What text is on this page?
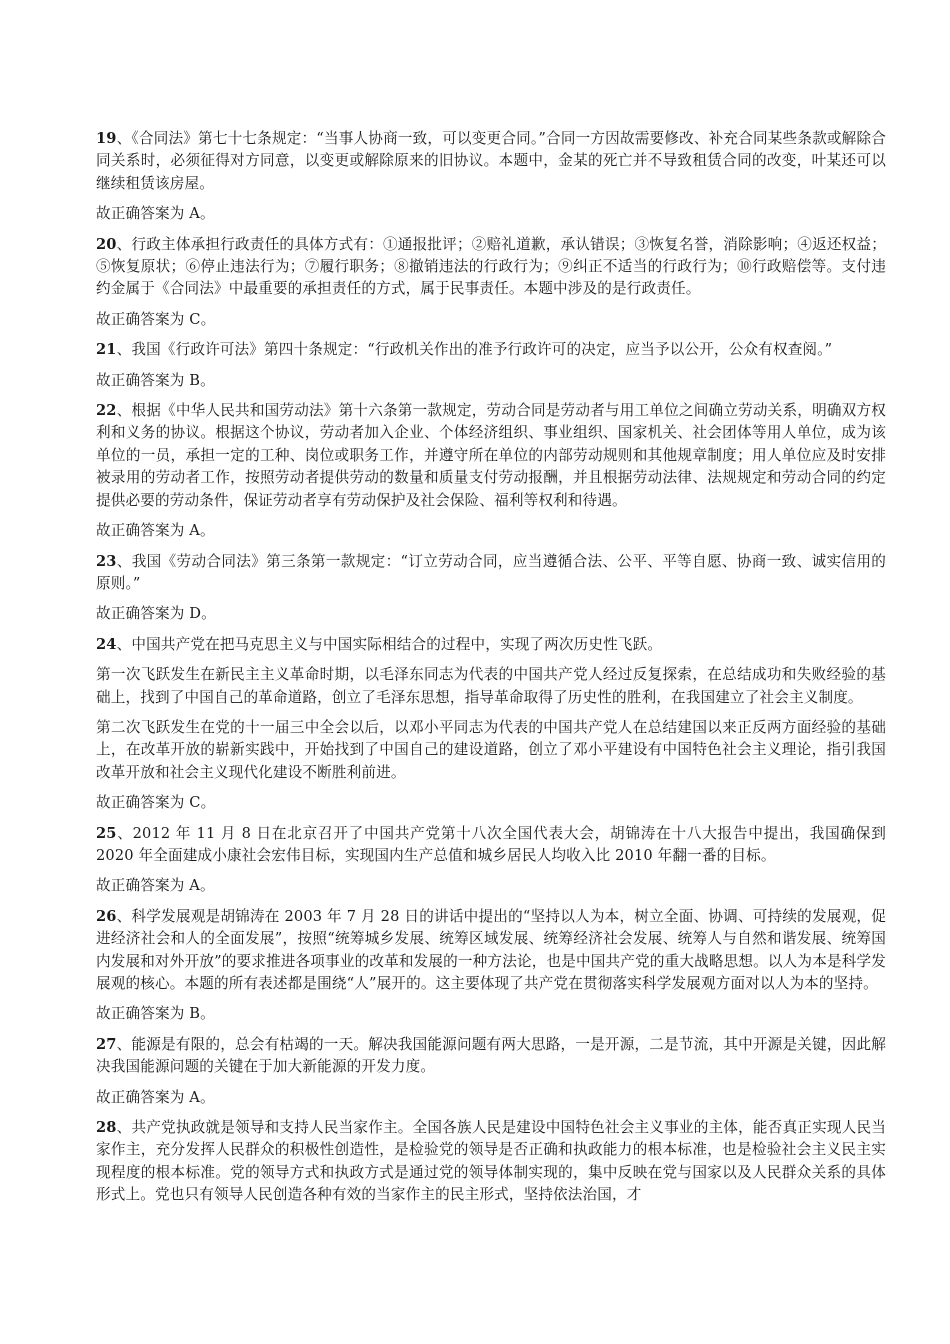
19、《合同法》第七十七条规定：“当事人协商一致，可以变更合同。”合同一方因故需要修改、补充合同某些条款或解除合同关系时，必须征得对方同意，以变更或解除原来的旧协议。本题中，金某的死亡并不导致租赁合同的改变，叶某还可以继续租赁该房屋。

故正确答案为 A。

20、行政主体承担行政责任的具体方式有：①通报批评；②赔礼道歉，承认错误；③恢复名誉，消除影响；④返还权益；⑤恢复原状；⑥停止违法行为；⑦履行职务；⑧撤销违法的行政行为；⑨纠正不适当的行政行为；⑩行政赔偿等。支付违约金属于《合同法》中最重要的承担责任的方式，属于民事责任。本题中涉及的是行政责任。

故正确答案为 C。

21、我国《行政许可法》第四十条规定：“行政机关作出的准予行政许可的决定，应当予以公开，公众有权查阅。”

故正确答案为 B。

22、根据《中华人民共和国劳动法》第十六条第一款规定，劳动合同是劳动者与用工单位之间确立劳动关系，明确双方权利和义务的协议。根据这个协议，劳动者加入企业、个体经济组织、事业组织、国家机关、社会团体等用人单位，成为该单位的一员，承担一定的工种、岗位或职务工作，并遵守所在单位的内部劳动规则和其他规章制度；用人单位应及时安排被录用的劳动者工作，按照劳动者提供劳动的数量和质量支付劳动报酬，并且根据劳动法律、法规规定和劳动合同的约定提供必要的劳动条件，保证劳动者享有劳动保护及社会保险、福利等权利和待遇。

故正确答案为 A。

23、我国《劳动合同法》第三条第一款规定：“订立劳动合同，应当遵循合法、公平、平等自愿、协商一致、诚实信用的原则。”

故正确答案为 D。

24、中国共产党在把马克思主义与中国实际相结合的过程中，实现了两次历史性飞跃。

第一次飞跃发生在新民主主义革命时期，以毛泽东同志为代表的中国共产党人经过反复探索，在总结成功和失败经验的基础上，找到了中国自己的革命道路，创立了毛泽东思想，指导革命取得了历史性的胜利，在我国建立了社会主义制度。

第二次飞跃发生在党的十一届三中全会以后，以邓小平同志为代表的中国共产党人在总结建国以来正反两方面经验的基础上，在改革开放的崭新实践中，开始找到了中国自己的建设道路，创立了邓小平建设有中国特色社会主义理论，指引我国改革开放和社会主义现代化建设不断胜利前进。

故正确答案为 C。

25、2012 年 11 月 8 日在北京召开了中国共产党第十八次全国代表大会，胡锦涛在十八大报告中提出，我国确保到 2020 年全面建成小康社会宏伟目标，实现国内生产总值和城乡居民人均收入比 2010 年翻一番的目标。

故正确答案为 A。

26、科学发展观是胡锦涛在 2003 年 7 月 28 日的讲话中提出的“坚持以人为本，树立全面、协调、可持续的发展观，促进经济社会和人的全面发展”，按照“统筹城乡发展、统筹区域发展、统筹经济社会发展、统筹人与自然和谐发展、统筹国内发展和对外开放”的要求推进各项事业的改革和发展的一种方法论，也是中国共产党的重大战略思想。以人为本是科学发展观的核心。本题的所有表述都是围绕“人”展开的。这主要体现了共产党在贯彻落实科学发展观方面对以人为本的坚持。

故正确答案为 B。

27、能源是有限的，总会有枯竭的一天。解决我国能源问题有两大思路，一是开源，二是节流，其中开源是关键，因此解决我国能源问题的关键在于加大新能源的开发力度。

故正确答案为 A。

28、共产党执政就是领导和支持人民当家作主。全国各族人民是建设中国特色社会主义事业的主体，能否真正实现人民当家作主，充分发挥人民群众的积极性创造性，是检验党的领导是否正确和执政能力的根本标准，也是检验社会主义民主实现程度的根本标准。党的领导方式和执政方式是通过党的领导体制实现的，集中反映在党与国家以及人民群众关系的具体形式上。党也只有领导人民创造各种有效的当家作主的民主形式，坚持依法治国，才
